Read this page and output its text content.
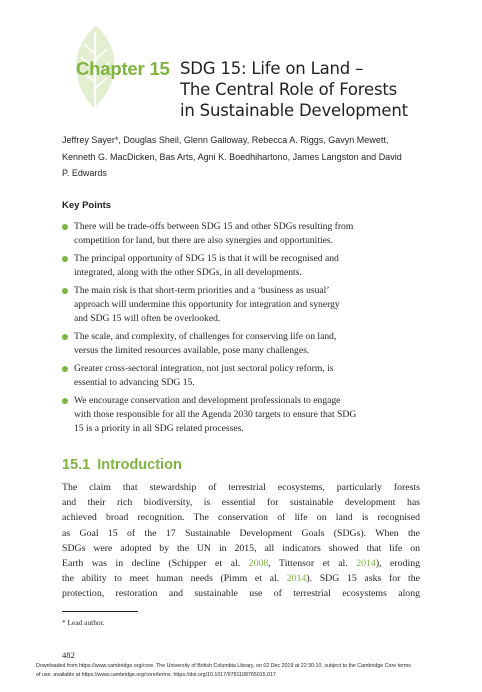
Chapter 15 SDG 15: Life on Land –
The Central Role of Forests
in Sustainable Development
Jeffrey Sayer*, Douglas Sheil, Glenn Galloway, Rebecca A. Riggs, Gavyn Mewett,
Kenneth G. MacDicken, Bas Arts, Agni K. Boedhihartono, James Langston and David
P. Edwards
Key Points
There will be trade-offs between SDG 15 and other SDGs resulting from
competition for land, but there are also synergies and opportunities.
The principal opportunity of SDG 15 is that it will be recognised and
integrated, along with the other SDGs, in all developments.
The main risk is that short-term priorities and a ‘business as usual’
approach will undermine this opportunity for integration and synergy
and SDG 15 will often be overlooked.
The scale, and complexity, of challenges for conserving life on land,
versus the limited resources available, pose many challenges.
Greater cross-sectoral integration, not just sectoral policy reform, is
essential to advancing SDG 15.
We encourage conservation and development professionals to engage
with those responsible for all the Agenda 2030 targets to ensure that SDG
15 is a priority in all SDG related processes.
15.1 Introduction
The claim that stewardship of terrestrial ecosystems, particularly forests
and their rich biodiversity, is essential for sustainable development has
achieved broad recognition. The conservation of life on land is recognised
as Goal 15 of the 17 Sustainable Development Goals (SDGs). When the
SDGs were adopted by the UN in 2015, all indicators showed that life on
Earth was in decline (Schipper et al. 2008, Tittensor et al. 2014), eroding
the ability to meet human needs (Pimm et al. 2014). SDG 15 asks for the
protection, restoration and sustainable use of terrestrial ecosystems along
* Lead author.
482
Downloaded from https://www.cambridge.org/core. The University of British Columbia Library, on 02 Dec 2019 at 22:30:10, subject to the Cambridge Core terms
of use, available at https://www.cambridge.org/core/terms. https://doi.org/10.1017/9781108765015.017
